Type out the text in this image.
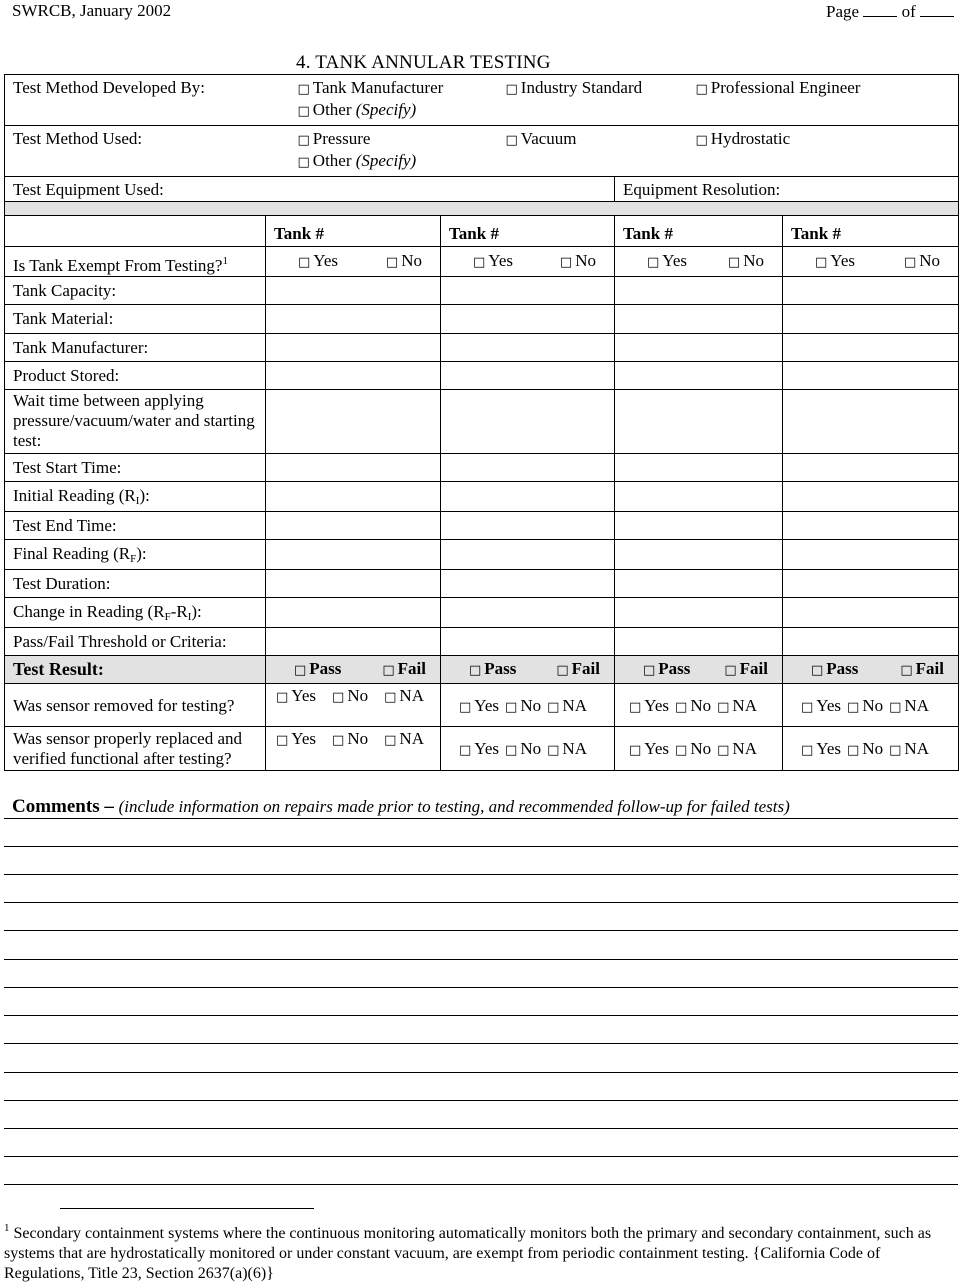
SWRCB, January 2002	Page	of
4. TANK ANNULAR TESTING
Test Method Developed By:	□ Tank Manufacturer □ Industry Standard □ Professional Engineer
□ Other (Specify)

Test Method Used:	□ Pressure □ Vacuum □ Hydrostatic
□ Other (Specify)

Test Equipment Used:			Equipment Resolution:	

	Tank #	Tank #	Tank #	Tank #
Is Tank Exempt From Testing?$^1$	□ Yes □ No	□ Yes □ No	□ Yes □ No	□ Yes □ No

Tank Capacity:				
Tank Material:				
Tank Manufacturer:				
Product Stored:				
Wait time between applying pressure/vacuum/water and starting test:				
Test Start Time:				
Initial Reading $(R_I)$:				
Test End Time:				
Final Reading $(R_F)$:				
Test Duration:				
Change in Reading $(R_F-R_I)$:				
Pass/Fail Threshold or Criteria:				
Test Result:	□ Pass □ Fail	□ Pass □ Fail	□ Pass □ Fail	□ Pass □ Fail

Was sensor removed for testing?	□ Yes □ No □ NA	□ Yes □ No □ NA	□ Yes □ No □ NA	□ Yes □ No □ NA

Was sensor properly replaced and verified functional after testing?	□ Yes □ No □ NA	□ Yes □ No □ NA	□ Yes □ No □ NA	□ Yes □ No □ NA
Comments – (include information on repairs made prior to testing, and recommended follow-up for failed tests)
$^1$ Secondary containment systems where the continuous monitoring automatically monitors both the primary and secondary containment, such as systems that are hydrostatically monitored or under constant vacuum, are exempt from periodic containment testing. {California Code of Regulations, Title 23, Section 2637(a)(6)}
